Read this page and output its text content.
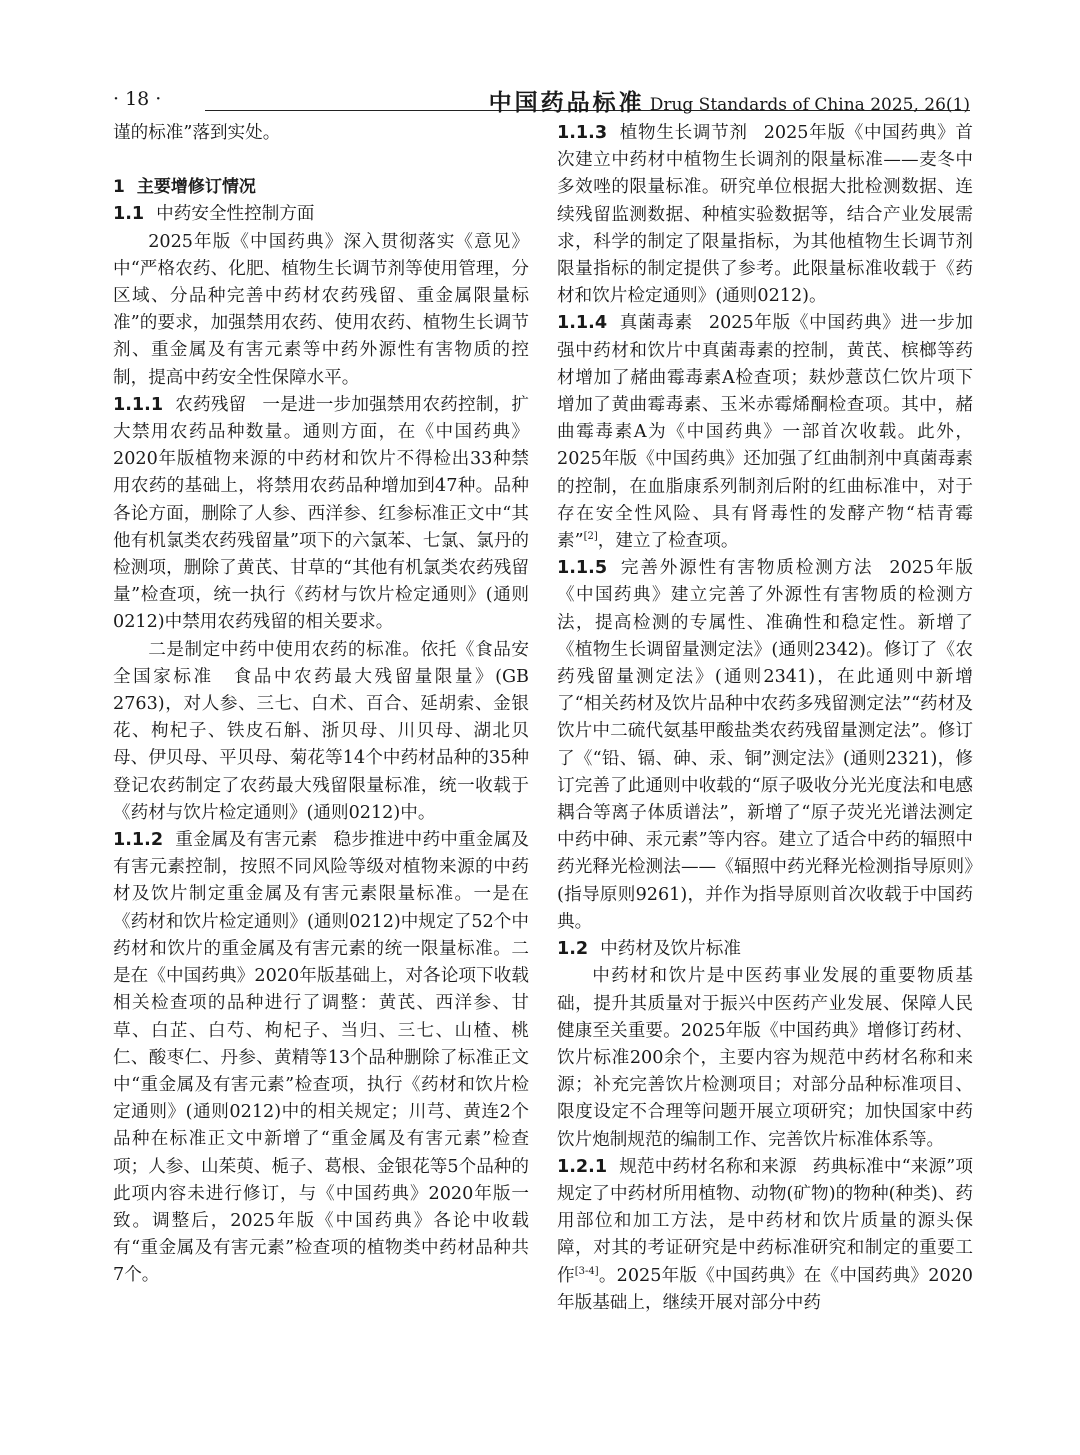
· 18 ·	中国药品标准 Drug Standards of China 2025, 26(1)

谨的标准”落到实处。

1 主要增修订情况

1.1 中药安全性控制方面

2025年版《中国药典》深入贯彻落实《意见》中“严格农药、化肥、植物生长调节剂等使用管理，分区域、分品种完善中药材农药残留、重金属限量标准”的要求，加强禁用农药、使用农药、植物生长调节剂、重金属及有害元素等中药外源性有害物质的控制，提高中药安全性保障水平。

1.1.1 农药残留 一是进一步加强禁用农药控制，扩大禁用农药品种数量。通则方面，在《中国药典》2020年版植物来源的中药材和饮片不得检出33种禁用农药的基础上，将禁用农药品种增加到47种。品种各论方面，删除了人参、西洋参、红参标准正文中“其他有机氯类农药残留量”项下的六氯苯、七氯、氯丹的检测项，删除了黄芪、甘草的“其他有机氯类农药残留量”检查项，统一执行《药材与饮片检定通则》(通则0212)中禁用农药残留的相关要求。

二是制定中药中使用农药的标准。依托《食品安全国家标准　食品中农药最大残留量限量》(GB 2763)，对人参、三七、白术、百合、延胡索、金银花、枸杞子、铁皮石斛、浙贝母、川贝母、湖北贝母、伊贝母、平贝母、菊花等14个中药材品种的35种登记农药制定了农药最大残留限量标准，统一收载于《药材与饮片检定通则》(通则0212)中。

1.1.2 重金属及有害元素 稳步推进中药中重金属及有害元素控制，按照不同风险等级对植物来源的中药材及饮片制定重金属及有害元素限量标准。一是在《药材和饮片检定通则》(通则0212)中规定了52个中药材和饮片的重金属及有害元素的统一限量标准。二是在《中国药典》2020年版基础上，对各论项下收载相关检查项的品种进行了调整：黄芪、西洋参、甘草、白芷、白芍、枸杞子、当归、三七、山楂、桃仁、酸枣仁、丹参、黄精等13个品种删除了标准正文中“重金属及有害元素”检查项，执行《药材和饮片检定通则》(通则0212)中的相关规定；川芎、黄连2个品种在标准正文中新增了“重金属及有害元素”检查项；人参、山茱萸、栀子、葛根、金银花等5个品种的此项内容未进行修订，与《中国药典》2020年版一致。调整后，2025年版《中国药典》各论中收载有“重金属及有害元素”检查项的植物类中药材品种共7个。

1.1.3 植物生长调节剂 2025年版《中国药典》首次建立中药材中植物生长调剂的限量标准——麦冬中多效唑的限量标准。研究单位根据大批检测数据、连续残留监测数据、种植实验数据等，结合产业发展需求，科学的制定了限量指标，为其他植物生长调节剂限量指标的制定提供了参考。此限量标准收载于《药材和饮片检定通则》(通则0212)。

1.1.4 真菌毒素 2025年版《中国药典》进一步加强中药材和饮片中真菌毒素的控制，黄芪、槟榔等药材增加了赭曲霉毒素A检查项；麸炒薏苡仁饮片项下增加了黄曲霉毒素、玉米赤霉烯酮检查项。其中，赭曲霉毒素A为《中国药典》一部首次收载。此外，2025年版《中国药典》还加强了红曲制剂中真菌毒素的控制，在血脂康系列制剂后附的红曲标准中，对于存在安全性风险、具有肾毒性的发酵产物“桔青霉素”[2]，建立了检查项。

1.1.5 完善外源性有害物质检测方法 2025年版《中国药典》建立完善了外源性有害物质的检测方法，提高检测的专属性、准确性和稳定性。新增了《植物生长调留量测定法》(通则2342)。修订了《农药残留量测定法》(通则2341)，在此通则中新增了“相关药材及饮片品种中农药多残留测定法”“药材及饮片中二硫代氨基甲酸盐类农药残留量测定法”。修订了《“铅、镉、砷、汞、铜”测定法》(通则2321)，修订完善了此通则中收载的“原子吸收分光光度法和电感耦合等离子体质谱法”，新增了“原子荧光光谱法测定中药中砷、汞元素”等内容。建立了适合中药的辐照中药光释光检测法——《辐照中药光释光检测指导原则》(指导原则9261)，并作为指导原则首次收载于中国药典。

1.2 中药材及饮片标准

中药材和饮片是中医药事业发展的重要物质基础，提升其质量对于振兴中医药产业发展、保障人民健康至关重要。2025年版《中国药典》增修订药材、饮片标准200余个，主要内容为规范中药材名称和来源；补充完善饮片检测项目；对部分品种标准项目、限度设定不合理等问题开展立项研究；加快国家中药饮片炮制规范的编制工作、完善饮片标准体系等。

1.2.1 规范中药材名称和来源 药典标准中“来源”项规定了中药材所用植物、动物(矿物)的物种(种类)、药用部位和加工方法，是中药材和饮片质量的源头保障，对其的考证研究是中药标准研究和制定的重要工作[3-4]。2025年版《中国药典》在《中国药典》2020年版基础上，继续开展对部分中药
